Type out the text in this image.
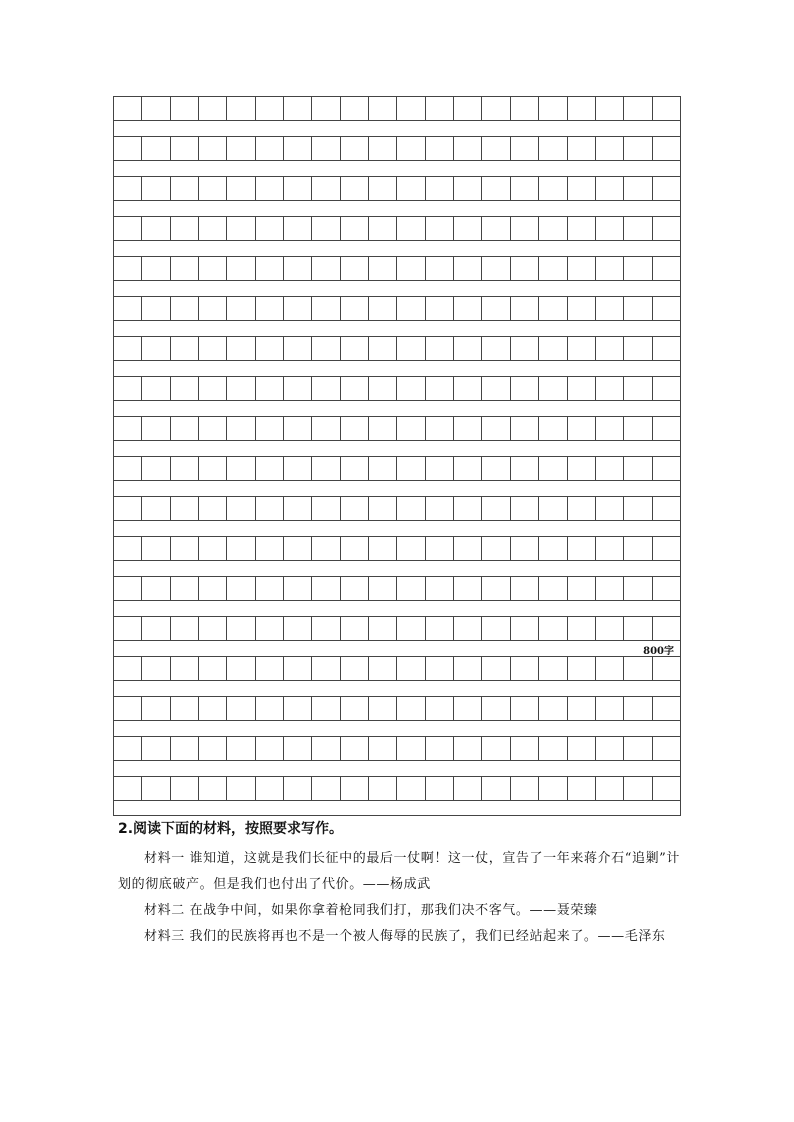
800字

2.阅读下面的材料，按照要求写作。

材料一 谁知道，这就是我们长征中的最后一仗啊！这一仗，宣告了一年来蒋介石“追剿”计划的彻底破产。但是我们也付出了代价。——杨成武

材料二 在战争中间，如果你拿着枪同我们打，那我们决不客气。——聂荣臻

材料三 我们的民族将再也不是一个被人侮辱的民族了，我们已经站起来了。——毛泽东
